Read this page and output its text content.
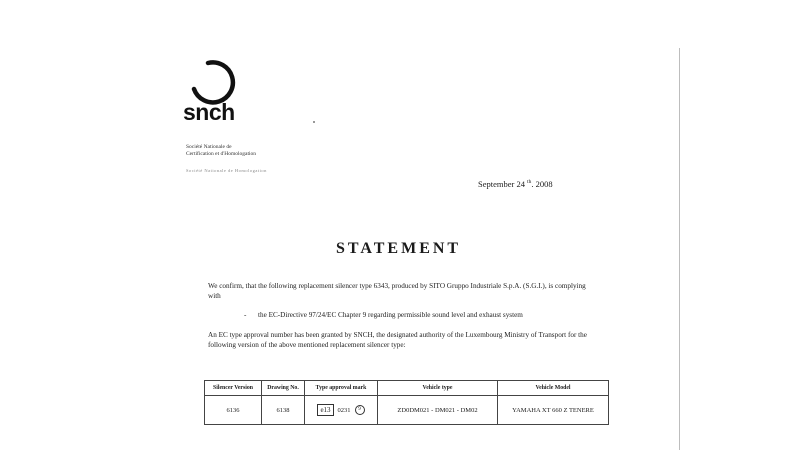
snch
Société Nationale de
Certification et d'Homologation
Société Nationale de Homologation
September 24 $^{th}$. 2008
STATEMENT
We confirm, that the following replacement silencer type 6343, produced by SITO Gruppo Industriale S.p.A. (S.G.I.), is complying with
- the EC-Directive 97/24/EC Chapter 9 regarding permissible sound level and exhaust system
An EC type approval number has been granted by SNCH, the designated authority of the Luxembourg Ministry of Transport for the following version of the above mentioned replacement silencer type:
Silencer Version	Drawing No.	Type approval mark	Vehicle type	Vehicle Model
6136	6138	e13 0231 9	ZD0DM021 - DM021 - DM02	YAMAHA XT 660 Z TENERE
